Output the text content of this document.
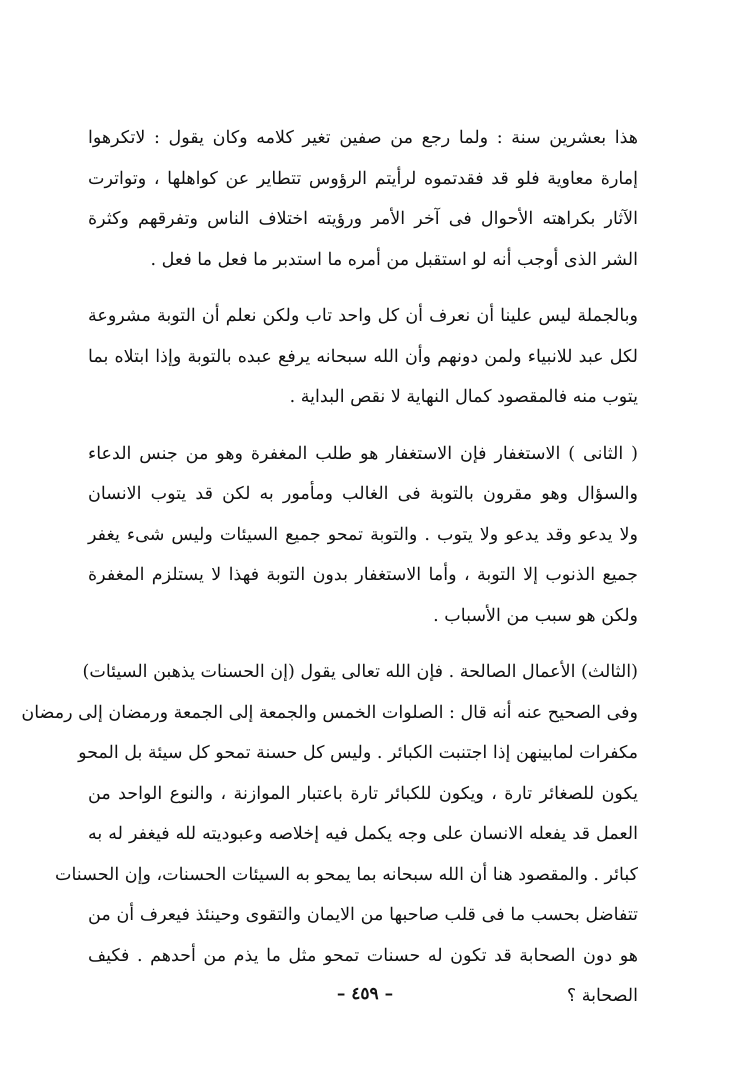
هذا بعشرين سنة : ولما رجع من صفين تغير كلامه وكان يقول : لاتكرهوا
إمارة معاوية فلو قد فقدتموه لرأيتم الرؤوس تتطاير عن كواهلها ، وتواترت
الآثار بكراهته الأحوال فى آخر الأمر ورؤيته اختلاف الناس وتفرقهم وكثرة
الشر الذى أوجب أنه لو استقبل من أمره ما استدبر ما فعل ما فعل .

وبالجملة ليس علينا أن نعرف أن كل واحد تاب ولكن نعلم أن التوبة مشروعة
لكل عبد للانبياء ولمن دونهم وأن الله سبحانه يرفع عبده بالتوبة وإذا ابتلاه بما
يتوب منه فالمقصود كمال النهاية لا نقص البداية .

( الثانى ) الاستغفار فإن الاستغفار هو طلب المغفرة وهو من جنس الدعاء
والسؤال وهو مقرون بالتوبة فى الغالب ومأمور به لكن قد يتوب الانسان
ولا يدعو وقد يدعو ولا يتوب . والتوبة تمحو جميع السيئات وليس شىء يغفر
جميع الذنوب إلا التوبة ، وأما الاستغفار بدون التوبة فهذا لا يستلزم المغفرة
ولكن هو سبب من الأسباب .

(الثالث) الأعمال الصالحة . فإن الله تعالى يقول (إن الحسنات يذهبن السيئات)
وفى الصحيح عنه أنه قال : الصلوات الخمس والجمعة إلى الجمعة ورمضان إلى رمضان
مكفرات لمابينهن إذا اجتنبت الكبائر . وليس كل حسنة تمحو كل سيئة بل المحو
يكون للصغائر تارة ، ويكون للكبائر تارة باعتبار الموازنة ، والنوع الواحد من
العمل قد يفعله الانسان على وجه يكمل فيه إخلاصه وعبوديته لله فيغفر له به
كبائر . والمقصود هنا أن الله سبحانه بما يمحو به السيئات الحسنات، وإن الحسنات
تتفاضل بحسب ما فى قلب صاحبها من الايمان والتقوى وحينئذ فيعرف أن من
هو دون الصحابة قد تكون له حسنات تمحو مثل ما يذم من أحدهم . فكيف
الصحابة ؟

– ٤٥٩ –
